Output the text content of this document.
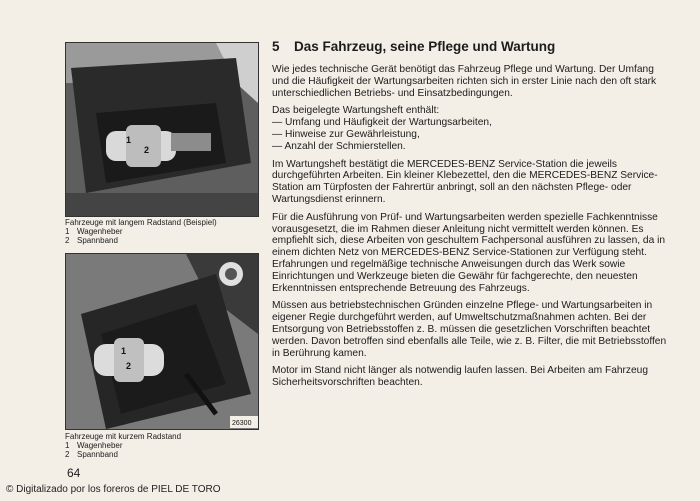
1
2
Fahrzeuge mit langem Radstand (Beispiel)
1 Wagenheber
2 Spannband
1
2
26300
Fahrzeuge mit kurzem Radstand
1 Wagenheber
2 Spannband
64
© Digitalizado por los foreros de PIEL DE TORO
5 Das Fahrzeug, seine Pflege und Wartung

Wie jedes technische Gerät benötigt das Fahrzeug Pflege und Wartung. Der Umfang und die Häufigkeit der Wartungsarbeiten richten sich in erster Linie nach den oft stark unterschiedlichen Betriebs- und Einsatzbedingungen.

Das beigelegte Wartungsheft enthält:
— Umfang und Häufigkeit der Wartungsarbeiten,
— Hinweise zur Gewährleistung,
— Anzahl der Schmierstellen.

Im Wartungsheft bestätigt die MERCEDES-BENZ Service-Station die jeweils durchgeführten Arbeiten. Ein kleiner Klebezettel, den die MERCEDES-BENZ Service-Station am Türpfosten der Fahrertür anbringt, soll an den nächsten Pflege- oder Wartungsdienst erinnern.

Für die Ausführung von Prüf- und Wartungsarbeiten werden spezielle Fachkenntnisse vorausgesetzt, die im Rahmen dieser Anleitung nicht vermittelt werden können. Es empfiehlt sich, diese Arbeiten von geschultem Fachpersonal ausführen zu lassen, da in einem dichten Netz von MERCEDES-BENZ Service-Stationen zur Verfügung steht. Erfahrungen und regelmäßige technische Anweisungen durch das Werk sowie Einrichtungen und Werkzeuge bieten die Gewähr für fachgerechte, den neuesten Erkenntnissen entsprechende Betreuung des Fahrzeugs.

Müssen aus betriebstechnischen Gründen einzelne Pflege- und Wartungsarbeiten in eigener Regie durchgeführt werden, auf Umweltschutzmaßnahmen achten. Bei der Entsorgung von Betriebsstoffen z. B. müssen die gesetzlichen Vorschriften beachtet werden. Davon betroffen sind ebenfalls alle Teile, wie z. B. Filter, die mit Betriebsstoffen in Berührung kamen.

Motor im Stand nicht länger als notwendig laufen lassen. Bei Arbeiten am Fahrzeug Sicherheitsvorschriften beachten.
